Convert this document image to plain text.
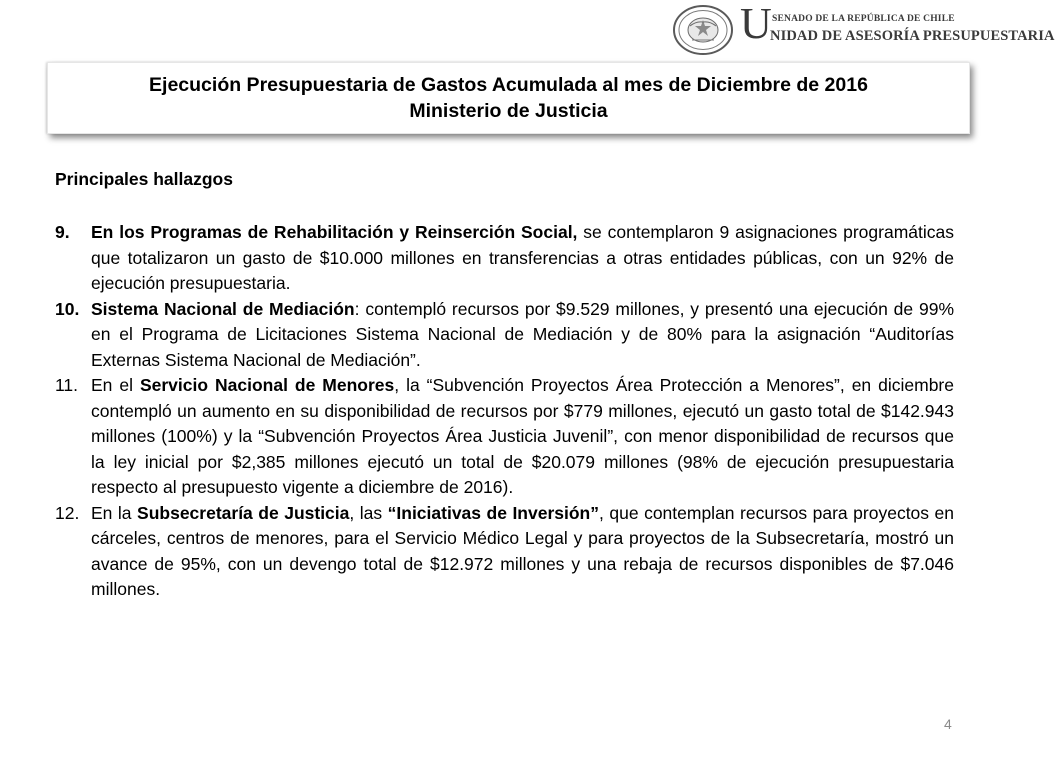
U SENADO DE LA REPÚBLICA DE CHILE
NIDAD DE ASESORÍA PRESUPUESTARIA
Ejecución Presupuestaria de Gastos Acumulada al mes de Diciembre de 2016
Ministerio de Justicia
Principales hallazgos
9. En los Programas de Rehabilitación y Reinserción Social, se contemplaron 9 asignaciones programáticas que totalizaron un gasto de $10.000 millones en transferencias a otras entidades públicas, con un 92% de ejecución presupuestaria.
10. Sistema Nacional de Mediación: contempló recursos por $9.529 millones, y presentó una ejecución de 99% en el Programa de Licitaciones Sistema Nacional de Mediación y de 80% para la asignación “Auditorías Externas Sistema Nacional de Mediación”.
11. En el Servicio Nacional de Menores, la “Subvención Proyectos Área Protección a Menores”, en diciembre contempló un aumento en su disponibilidad de recursos por $779 millones, ejecutó un gasto total de $142.943 millones (100%) y la “Subvención Proyectos Área Justicia Juvenil”, con menor disponibilidad de recursos que la ley inicial por $2,385 millones ejecutó un total de $20.079 millones (98% de ejecución presupuestaria respecto al presupuesto vigente a diciembre de 2016).
12. En la Subsecretaría de Justicia, las “Iniciativas de Inversión”, que contemplan recursos para proyectos en cárceles, centros de menores, para el Servicio Médico Legal y para proyectos de la Subsecretaría, mostró un avance de 95%, con un devengo total de $12.972 millones y una rebaja de recursos disponibles de $7.046 millones.
4
